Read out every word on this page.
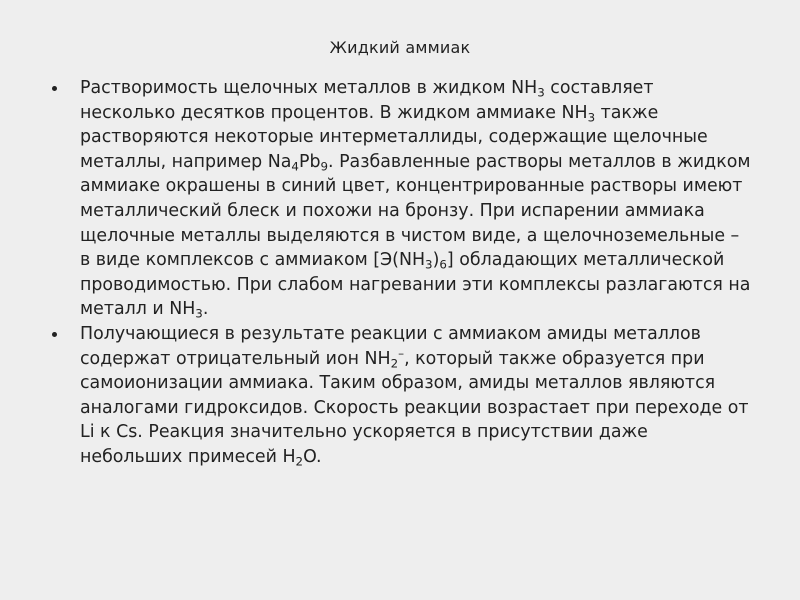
Жидкий аммиак
Растворимость щелочных металлов в жидком $NH_3$ составляет несколько десятков процентов. В жидком аммиаке $NH_3$ также растворяются некоторые интерметаллиды, содержащие щелочные металлы, например $Na_4Pb_9$. Разбавленные растворы металлов в жидком аммиаке окрашены в синий цвет, концентрированные растворы имеют металлический блеск и похожи на бронзу. При испарении аммиака щелочные металлы выделяются в чистом виде, а щелочноземельные – в виде комплексов с аммиаком $[Э(NH_3)_6]$ обладающих металлической проводимостью. При слабом нагревании эти комплексы разлагаются на металл и $NH_3$.
Получающиеся в результате реакции с аммиаком амиды металлов содержат отрицательный ион $NH_2^-$, который также образуется при самоионизации аммиака. Таким образом, амиды металлов являются аналогами гидроксидов. Скорость реакции возрастает при переходе от Li к Cs. Реакция значительно ускоряется в присутствии даже небольших примесей $H_2O$.
